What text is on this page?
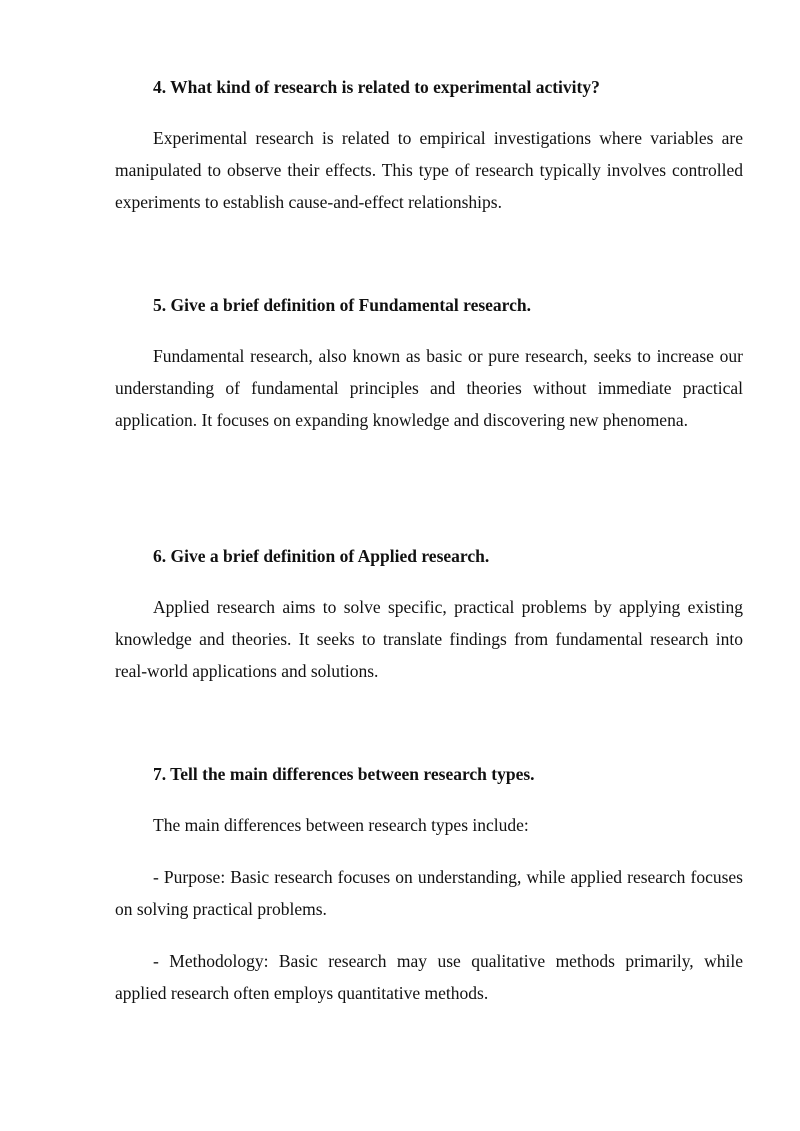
4. What kind of research is related to experimental activity?

Experimental research is related to empirical investigations where variables are manipulated to observe their effects. This type of research typically involves controlled experiments to establish cause-and-effect relationships.

5. Give a brief definition of Fundamental research.

Fundamental research, also known as basic or pure research, seeks to increase our understanding of fundamental principles and theories without immediate practical application. It focuses on expanding knowledge and discovering new phenomena.

6. Give a brief definition of Applied research.

Applied research aims to solve specific, practical problems by applying existing knowledge and theories. It seeks to translate findings from fundamental research into real-world applications and solutions.

7. Tell the main differences between research types.

The main differences between research types include:

- Purpose: Basic research focuses on understanding, while applied research focuses on solving practical problems.

- Methodology: Basic research may use qualitative methods primarily, while applied research often employs quantitative methods.
